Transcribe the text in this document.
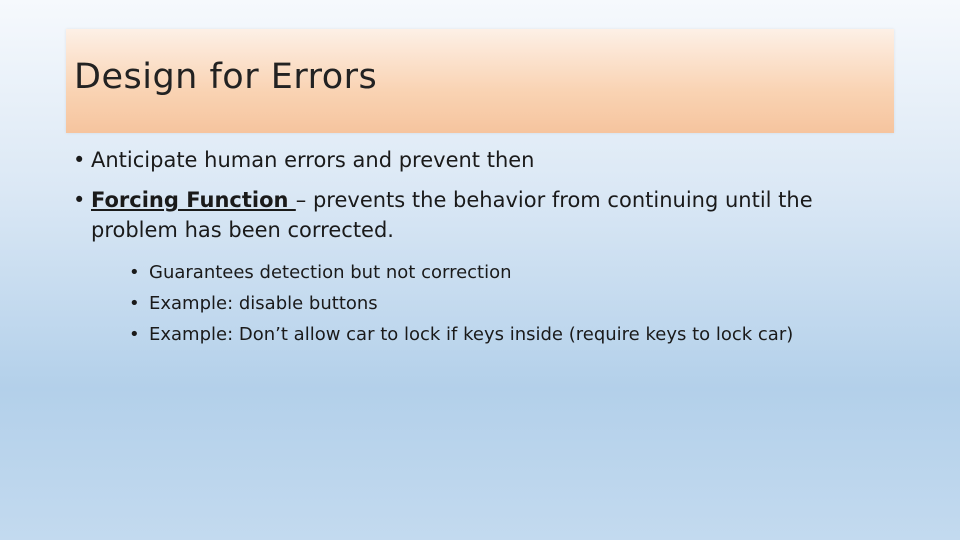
Design for Errors
• Anticipate human errors and prevent then
• Forcing Function – prevents the behavior from continuing until the problem has been corrected.
• Guarantees detection but not correction
• Example: disable buttons
• Example: Don’t allow car to lock if keys inside (require keys to lock car)
